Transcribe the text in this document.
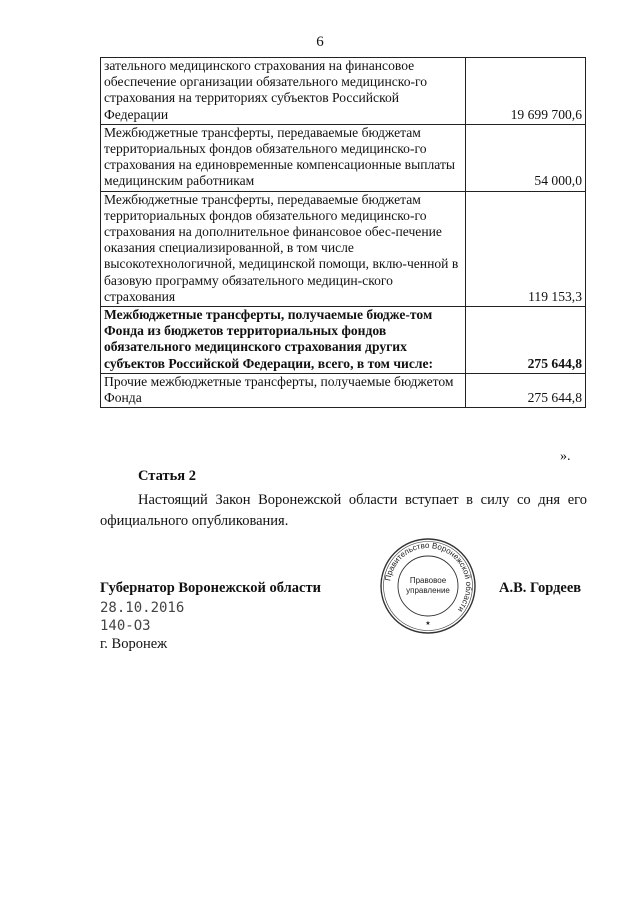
6
зательного медицинского страхования на финансовое обеспечение организации обязательного медицинско-го страхования на территориях субъектов Российской Федерации	19 699 700,6
Межбюджетные трансферты, передаваемые бюджетам территориальных фондов обязательного медицинско-го страхования на единовременные компенсационные выплаты медицинским работникам	54 000,0
Межбюджетные трансферты, передаваемые бюджетам территориальных фондов обязательного медицинско-го страхования на дополнительное финансовое обес-печение оказания специализированной, в том числе высокотехнологичной, медицинской помощи, вклю-ченной в базовую программу обязательного медицин-ского страхования	119 153,3
Межбюджетные трансферты, получаемые бюдже-том Фонда из бюджетов территориальных фондов обязательного медицинского страхования других субъектов Российской Федерации, всего, в том числе:	275 644,8
Прочие межбюджетные трансферты, получаемые бюджетом Фонда	275 644,8
».
Статья 2
Настоящий Закон Воронежской области вступает в силу со дня его официального опубликования.
Губернатор Воронежской области	А.В. Гордеев
Правительство Воронежской области
Правовое
управление
★
28.10.2016
140-ОЗ
г. Воронеж
